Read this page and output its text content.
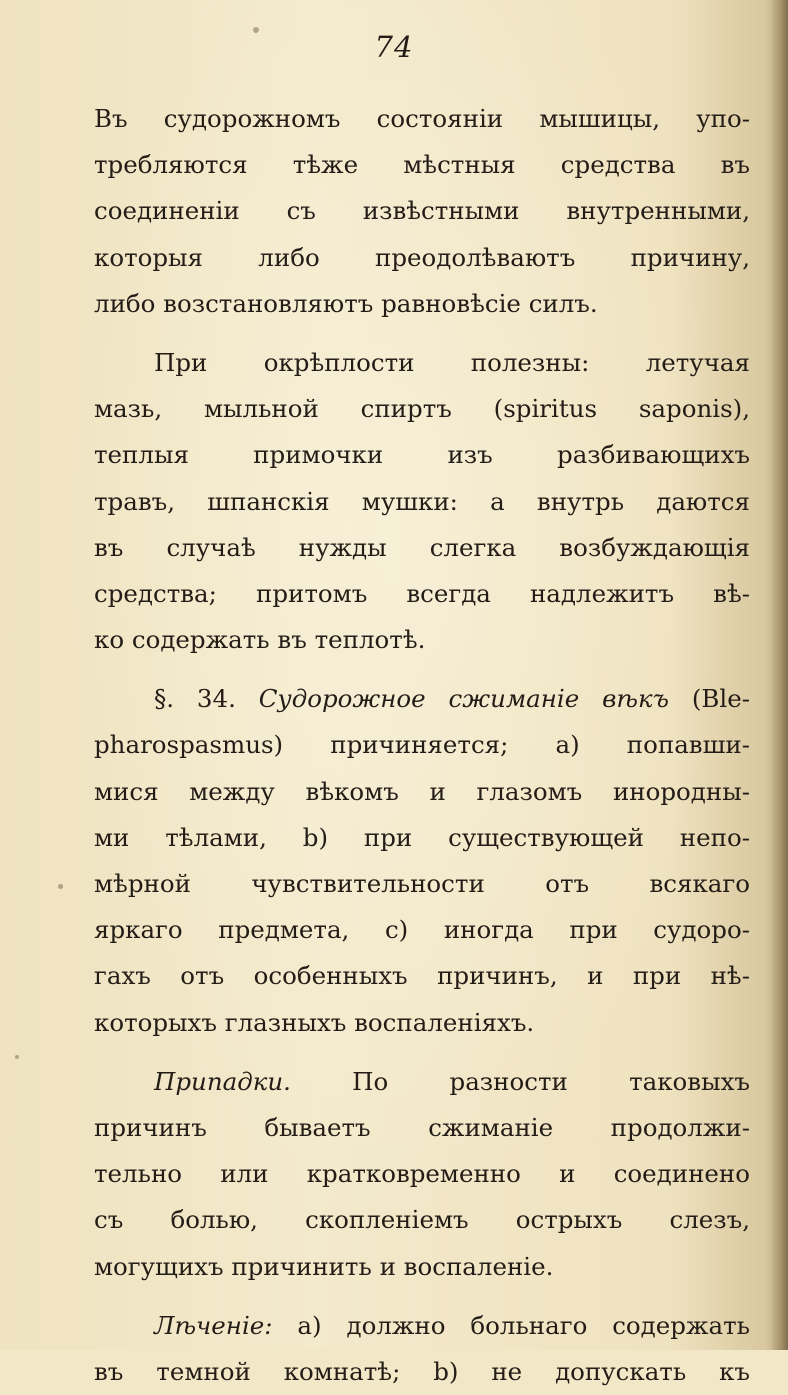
74
Въ судорожномъ состояніи мышицы, упо-
требляются тѣже мѣстныя средства въ
соединеніи съ извѣстными внутренными,
которыя либо преодолѣваютъ причину,
либо возстановляютъ равновѣсіе силъ.
При окрѣплости полезны: летучая
мазь, мыльной спиртъ (spiritus saponis),
теплыя примочки изъ разбивающихъ
травъ, шпанскія мушки: а внутрь даются
въ случаѣ нужды слегка возбуждающія
средства; притомъ всегда надлежитъ вѣ-
ко содержать въ теплотѣ.
§. 34. Судорожное сжиманіе вѣкъ (Ble-
pharospasmus) причиняется; a) попавши-
мися между вѣкомъ и глазомъ инородны-
ми тѣлами, b) при существующей непо-
мѣрной чувствительности отъ всякаго
яркаго предмета, c) иногда при судоро-
гахъ отъ особенныхъ причинъ, и при нѣ-
которыхъ глазныхъ воспаленіяхъ.
Припадки. По разности таковыхъ
причинъ бываетъ сжиманіе продолжи-
тельно или кратковременно и соединено
съ болью, скопленіемъ острыхъ слезъ,
могущихъ причинить и воспаленіе.
Лѣченіе: a) должно больнаго содержать
въ темной комнатѣ; b) не допускать къ
